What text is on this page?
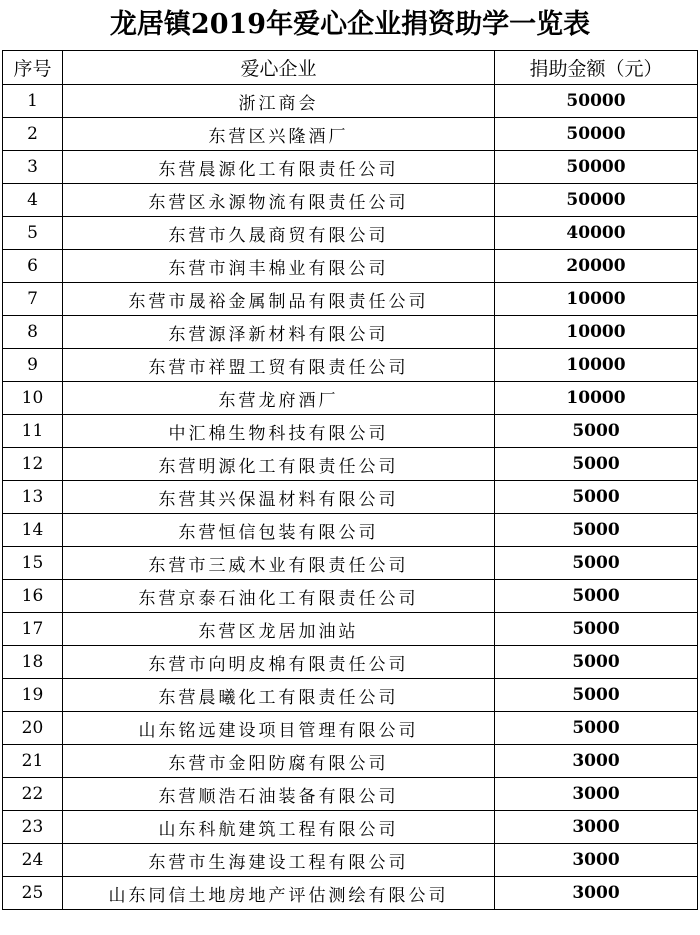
龙居镇2019年爱心企业捐资助学一览表
序号	爱心企业	捐助金额（元）
1	浙江商会	50000
2	东营区兴隆酒厂	50000
3	东营晨源化工有限责任公司	50000
4	东营区永源物流有限责任公司	50000
5	东营市久晟商贸有限公司	40000
6	东营市润丰棉业有限公司	20000
7	东营市晟裕金属制品有限责任公司	10000
8	东营源泽新材料有限公司	10000
9	东营市祥盟工贸有限责任公司	10000
10	东营龙府酒厂	10000
11	中汇棉生物科技有限公司	5000
12	东营明源化工有限责任公司	5000
13	东营其兴保温材料有限公司	5000
14	东营恒信包装有限公司	5000
15	东营市三威木业有限责任公司	5000
16	东营京泰石油化工有限责任公司	5000
17	东营区龙居加油站	5000
18	东营市向明皮棉有限责任公司	5000
19	东营晨曦化工有限责任公司	5000
20	山东铭远建设项目管理有限公司	5000
21	东营市金阳防腐有限公司	3000
22	东营顺浩石油装备有限公司	3000
23	山东科航建筑工程有限公司	3000
24	东营市生海建设工程有限公司	3000
25	山东同信土地房地产评估测绘有限公司	3000
